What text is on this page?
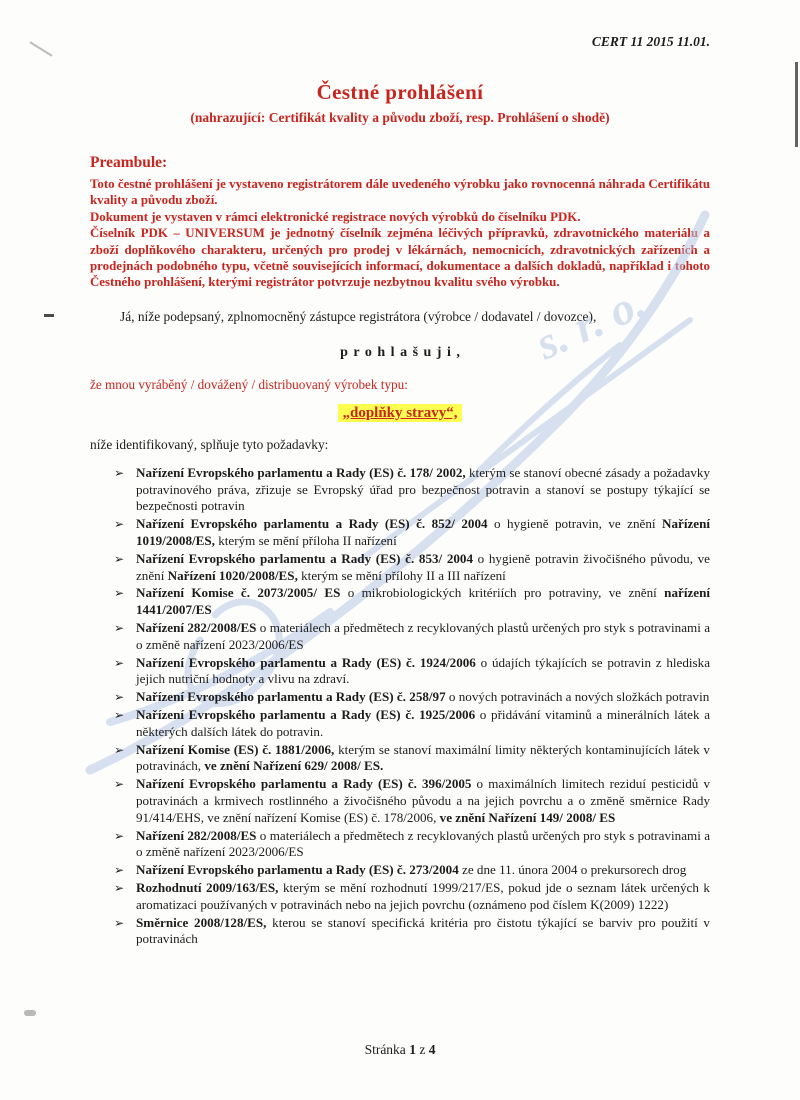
s. r. o.
CERT 11 2015 11.01.
Čestné prohlášení
(nahrazující: Certifikát kvality a původu zboží, resp. Prohlášení o shodě)
Preambule:

Toto čestné prohlášení je vystaveno registrátorem dále uvedeného výrobku jako rovnocenná náhrada Certifikátu kvality a původu zboží.

Dokument je vystaven v rámci elektronické registrace nových výrobků do číselníku PDK.

Číselník PDK – UNIVERSUM je jednotný číselník zejména léčivých přípravků, zdravotnického materiálu a zboží doplňkového charakteru, určených pro prodej v lékárnách, nemocnicích, zdravotnických zařízeních a prodejnách podobného typu, včetně souvisejících informací, dokumentace a dalších dokladů, například i tohoto Čestného prohlášení, kterými registrátor potvrzuje nezbytnou kvalitu svého výrobku.

Já, níže podepsaný, zplnomocněný zástupce registrátora (výrobce / dodavatel / dovozce),

p r o h l a š u j i ,

že mnou vyráběný / dovážený / distribuovaný výrobek typu:

„doplňky stravy“,

níže identifikovaný, splňuje tyto požadavky:

➢ Nařízení Evropského parlamentu a Rady (ES) č. 178/ 2002, kterým se stanoví obecné zásady a požadavky potravinového práva, zřizuje se Evropský úřad pro bezpečnost potravin a stanoví se postupy týkající se bezpečnosti potravin
➢ Nařízení Evropského parlamentu a Rady (ES) č. 852/ 2004 o hygieně potravin, ve znění Nařízení 1019/2008/ES, kterým se mění příloha II nařízení
➢ Nařízení Evropského parlamentu a Rady (ES) č. 853/ 2004 o hygieně potravin živočišného původu, ve znění Nařízení 1020/2008/ES, kterým se mění přílohy II a III nařízení
➢ Nařízení Komise č. 2073/2005/ ES o mikrobiologických kritériích pro potraviny, ve znění nařízení 1441/2007/ES
➢ Nařízení 282/2008/ES o materiálech a předmětech z recyklovaných plastů určených pro styk s potravinami a o změně nařízení 2023/2006/ES
➢ Nařízení Evropského parlamentu a Rady (ES) č. 1924/2006 o údajích týkajících se potravin z hlediska jejich nutriční hodnoty a vlivu na zdraví.
➢ Nařízení Evropského parlamentu a Rady (ES) č. 258/97 o nových potravinách a nových složkách potravin
➢ Nařízení Evropského parlamentu a Rady (ES) č. 1925/2006 o přidávání vitaminů a minerálních látek a některých dalších látek do potravin.
➢ Nařízení Komise (ES) č. 1881/2006, kterým se stanoví maximální limity některých kontaminujících látek v potravinách, ve znění Nařízení 629/ 2008/ ES.
➢ Nařízení Evropského parlamentu a Rady (ES) č. 396/2005 o maximálních limitech reziduí pesticidů v potravinách a krmivech rostlinného a živočišného původu a na jejich povrchu a o změně směrnice Rady 91/414/EHS, ve znění nařízení Komise (ES) č. 178/2006, ve znění Nařízení 149/ 2008/ ES
➢ Nařízení 282/2008/ES o materiálech a předmětech z recyklovaných plastů určených pro styk s potravinami a o změně nařízení 2023/2006/ES
➢ Nařízení Evropského parlamentu a Rady (ES) č. 273/2004 ze dne 11. února 2004 o prekursorech drog
➢ Rozhodnutí 2009/163/ES, kterým se mění rozhodnutí 1999/217/ES, pokud jde o seznam látek určených k aromatizaci používaných v potravinách nebo na jejich povrchu (oznámeno pod číslem K(2009) 1222)
➢ Směrnice 2008/128/ES, kterou se stanoví specifická kritéria pro čistotu týkající se barviv pro použití v potravinách
Stránka 1 z 4
